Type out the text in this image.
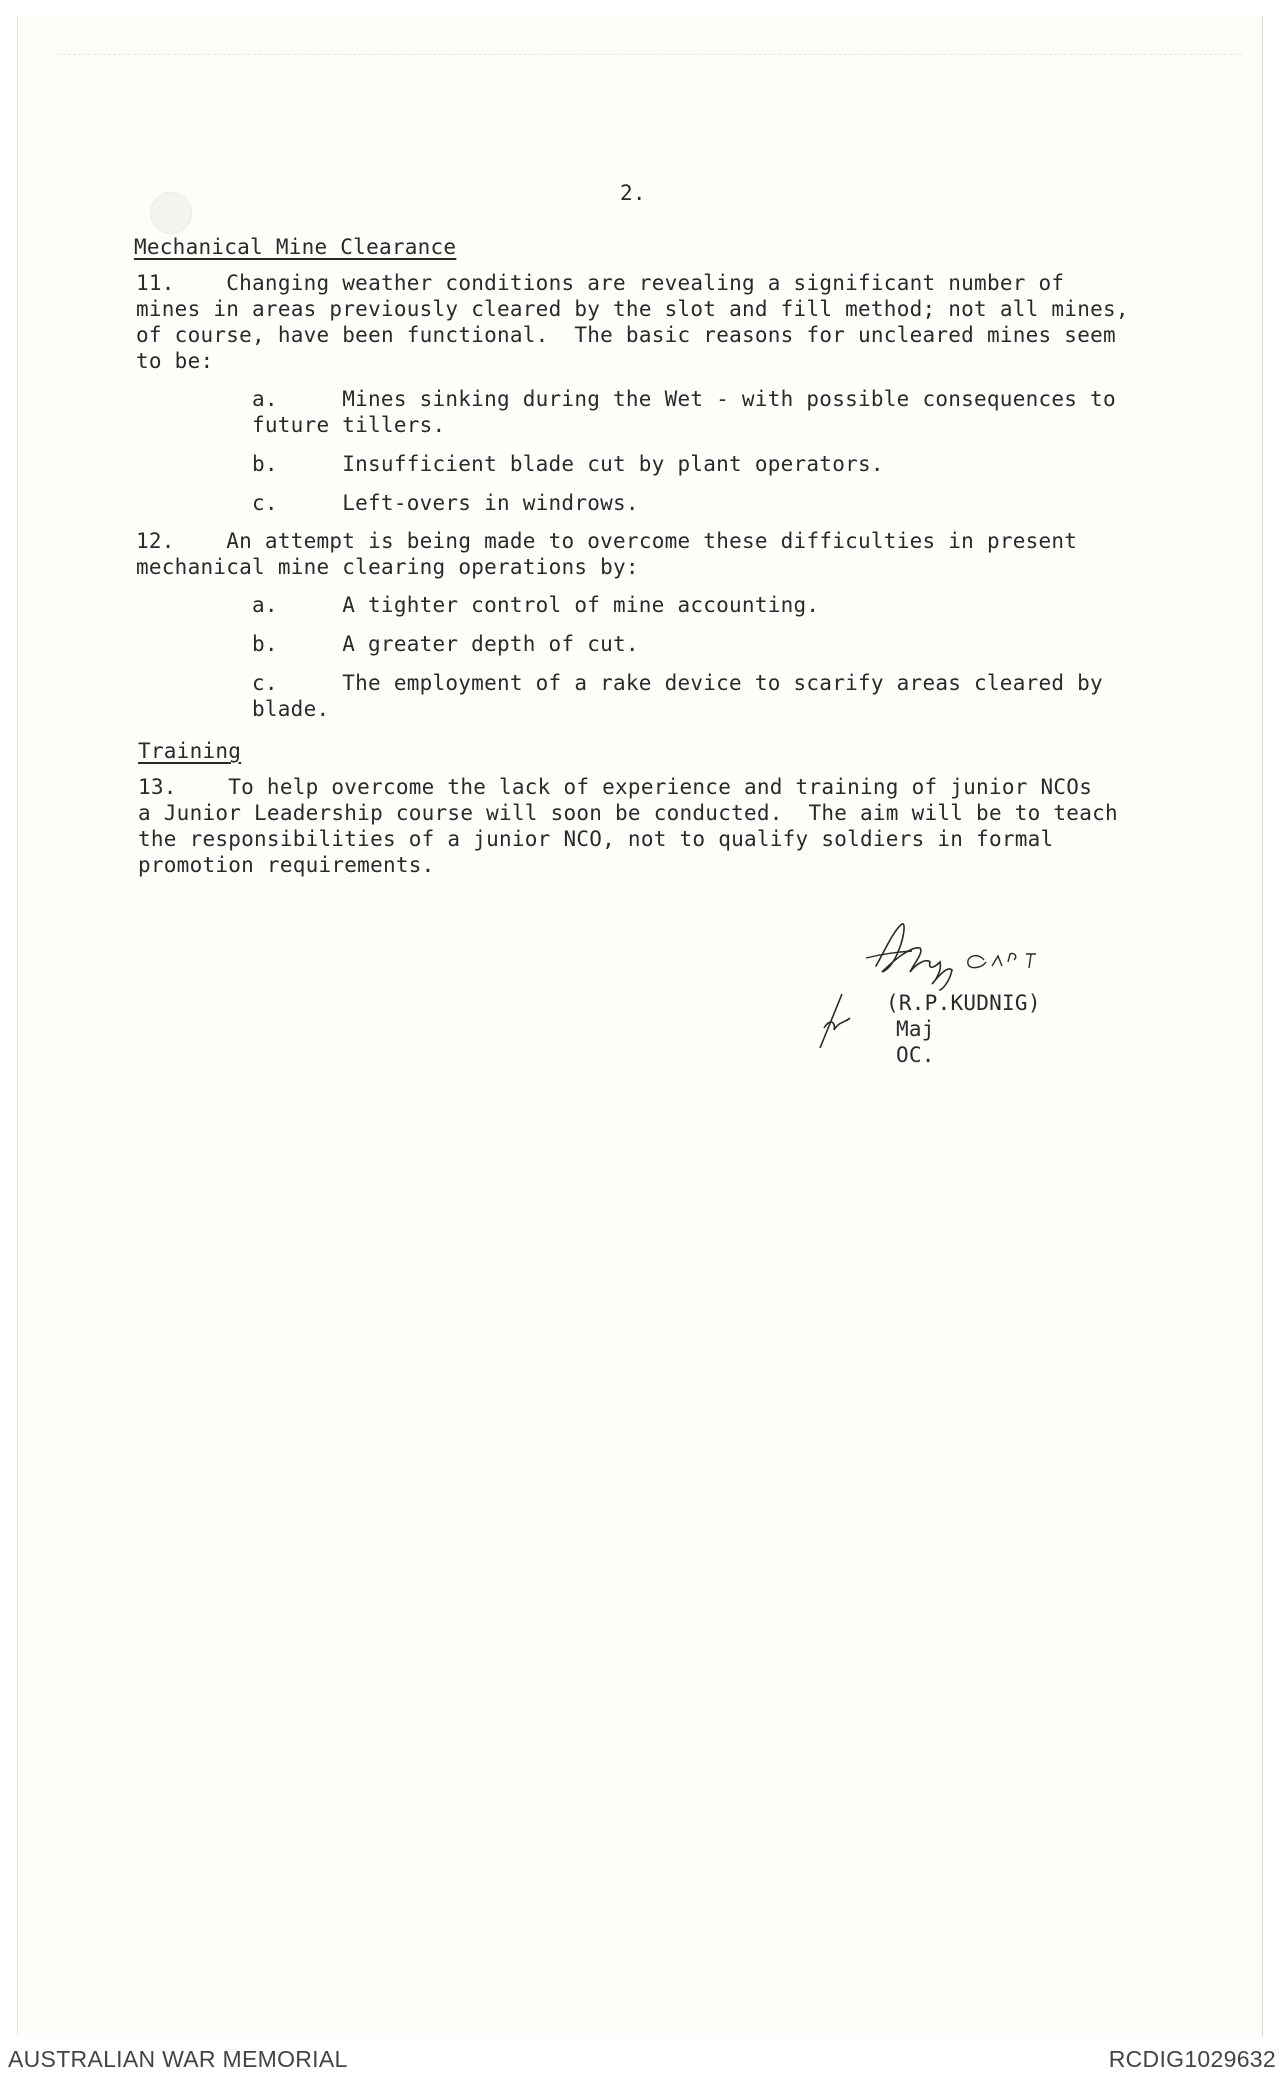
2.
Mechanical Mine Clearance
11.    Changing weather conditions are revealing a significant number of
mines in areas previously cleared by the slot and fill method; not all mines,
of course, have been functional.  The basic reasons for uncleared mines seem
to be:
a.     Mines sinking during the Wet - with possible consequences to
future tillers.
b.     Insufficient blade cut by plant operators.
c.     Left-overs in windrows.
12.    An attempt is being made to overcome these difficulties in present
mechanical mine clearing operations by:
a.     A tighter control of mine accounting.
b.     A greater depth of cut.
c.     The employment of a rake device to scarify areas cleared by
blade.
Training
13.    To help overcome the lack of experience and training of junior NCOs
a Junior Leadership course will soon be conducted.  The aim will be to teach
the responsibilities of a junior NCO, not to qualify soldiers in formal
promotion requirements.
(R.P.KUDNIG)
Maj
OC.
AUSTRALIAN WAR MEMORIAL	RCDIG1029632
